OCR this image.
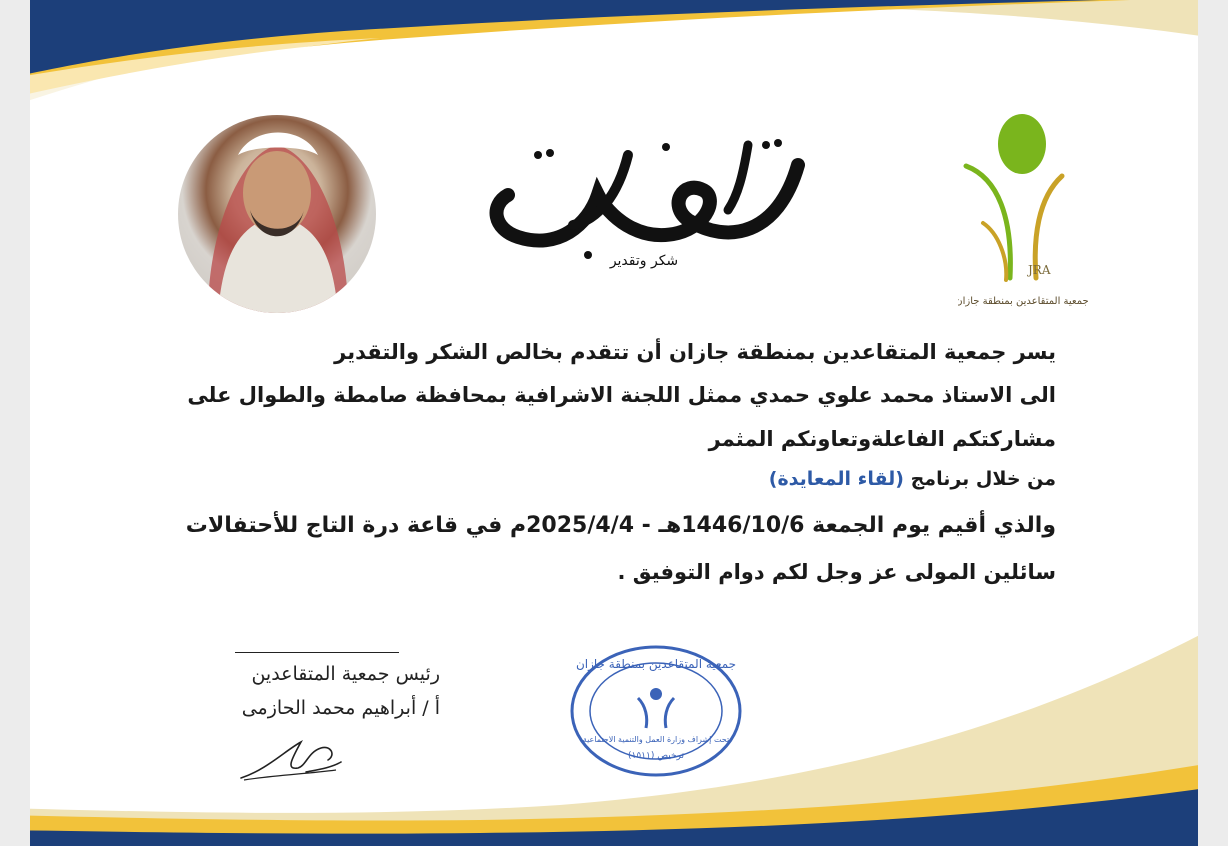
شكر وتقدير
JRA
جمعية المتقاعدين بمنطقة جازان
يسر جمعية المتقاعدين بمنطقة جازان أن تتقدم بخالص الشكر والتقدير
الى الاستاذ محمد علوي حمدي ممثل اللجنة الاشرافية بمحافظة صامطة والطوال على
مشاركتكم الفاعلةوتعاونكم المثمر
من خلال برنامج (لقاء المعايدة)
والذي أقيم يوم الجمعة 1446/10/6هـ - 2025/4/4م في قاعة درة التاج للأحتفالات
سائلين المولى عز وجل لكم دوام التوفيق .
رئيس جمعية المتقاعدين
أ / أبراهيم محمد الحازمى
جمعية المتقاعدين بمنطقة جازان
تحت إشراف وزارة العمل والتنمية الاجتماعية
ترخيص (١٥١١)
